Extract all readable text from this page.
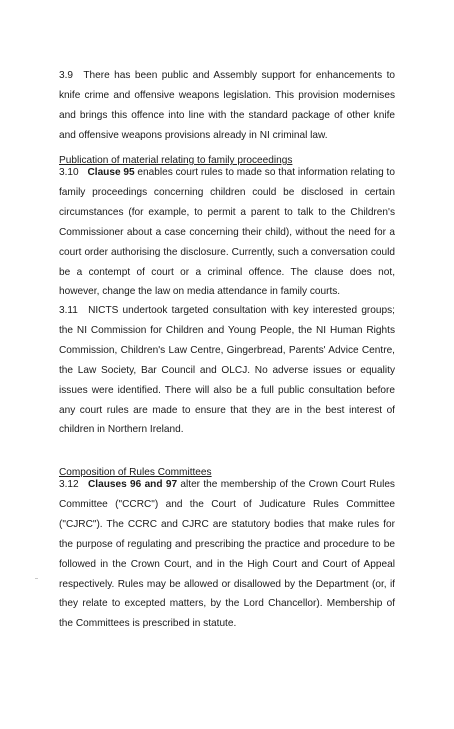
3.9 There has been public and Assembly support for enhancements to knife crime and offensive weapons legislation. This provision modernises and brings this offence into line with the standard package of other knife and offensive weapons provisions already in NI criminal law.

Publication of material relating to family proceedings

3.10 Clause 95 enables court rules to made so that information relating to family proceedings concerning children could be disclosed in certain circumstances (for example, to permit a parent to talk to the Children's Commissioner about a case concerning their child), without the need for a court order authorising the disclosure. Currently, such a conversation could be a contempt of court or a criminal offence. The clause does not, however, change the law on media attendance in family courts.

3.11 NICTS undertook targeted consultation with key interested groups; the NI Commission for Children and Young People, the NI Human Rights Commission, Children's Law Centre, Gingerbread, Parents' Advice Centre, the Law Society, Bar Council and OLCJ. No adverse issues or equality issues were identified. There will also be a full public consultation before any court rules are made to ensure that they are in the best interest of children in Northern Ireland.

Composition of Rules Committees

3.12 Clauses 96 and 97 alter the membership of the Crown Court Rules Committee ("CCRC") and the Court of Judicature Rules Committee ("CJRC"). The CCRC and CJRC are statutory bodies that make rules for the purpose of regulating and prescribing the practice and procedure to be followed in the Crown Court, and in the High Court and Court of Appeal respectively. Rules may be allowed or disallowed by the Department (or, if they relate to excepted matters, by the Lord Chancellor). Membership of the Committees is prescribed in statute.
